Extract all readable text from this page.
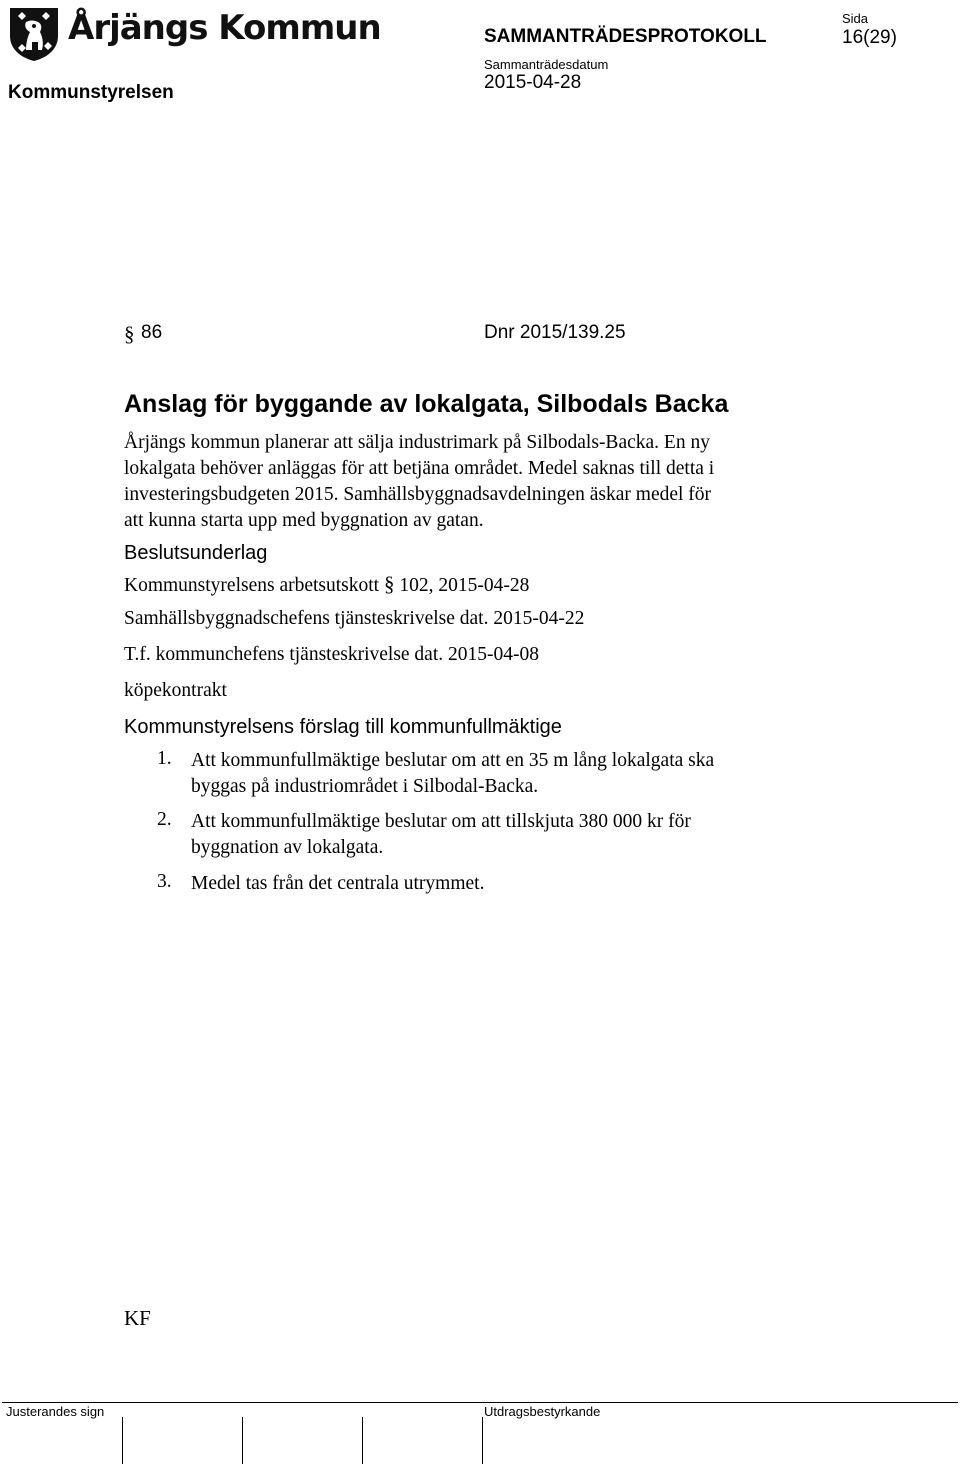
Årjängs Kommun
Kommunstyrelsen
SAMMANTRÄDESPROTOKOLL
Sammanträdesdatum
2015-04-28
Sida
16(29)
§ 86	Dnr 2015/139.25
Anslag för byggande av lokalgata, Silbodals Backa
Årjängs kommun planerar att sälja industrimark på Silbodals-Backa. En ny
lokalgata behöver anläggas för att betjäna området. Medel saknas till detta i
investeringsbudgeten 2015. Samhällsbyggnadsavdelningen äskar medel för
att kunna starta upp med byggnation av gatan.
Beslutsunderlag
Kommunstyrelsens arbetsutskott § 102, 2015-04-28
Samhällsbyggnadschefens tjänsteskrivelse dat. 2015-04-22
T.f. kommunchefens tjänsteskrivelse dat. 2015-04-08
köpekontrakt
Kommunstyrelsens förslag till kommunfullmäktige
1. Att kommunfullmäktige beslutar om att en 35 m lång lokalgata ska
byggas på industriområdet i Silbodal-Backa.
2. Att kommunfullmäktige beslutar om att tillskjuta 380 000 kr för
byggnation av lokalgata.
3. Medel tas från det centrala utrymmet.
KF
Justerandes sign	Utdragsbestyrkande
